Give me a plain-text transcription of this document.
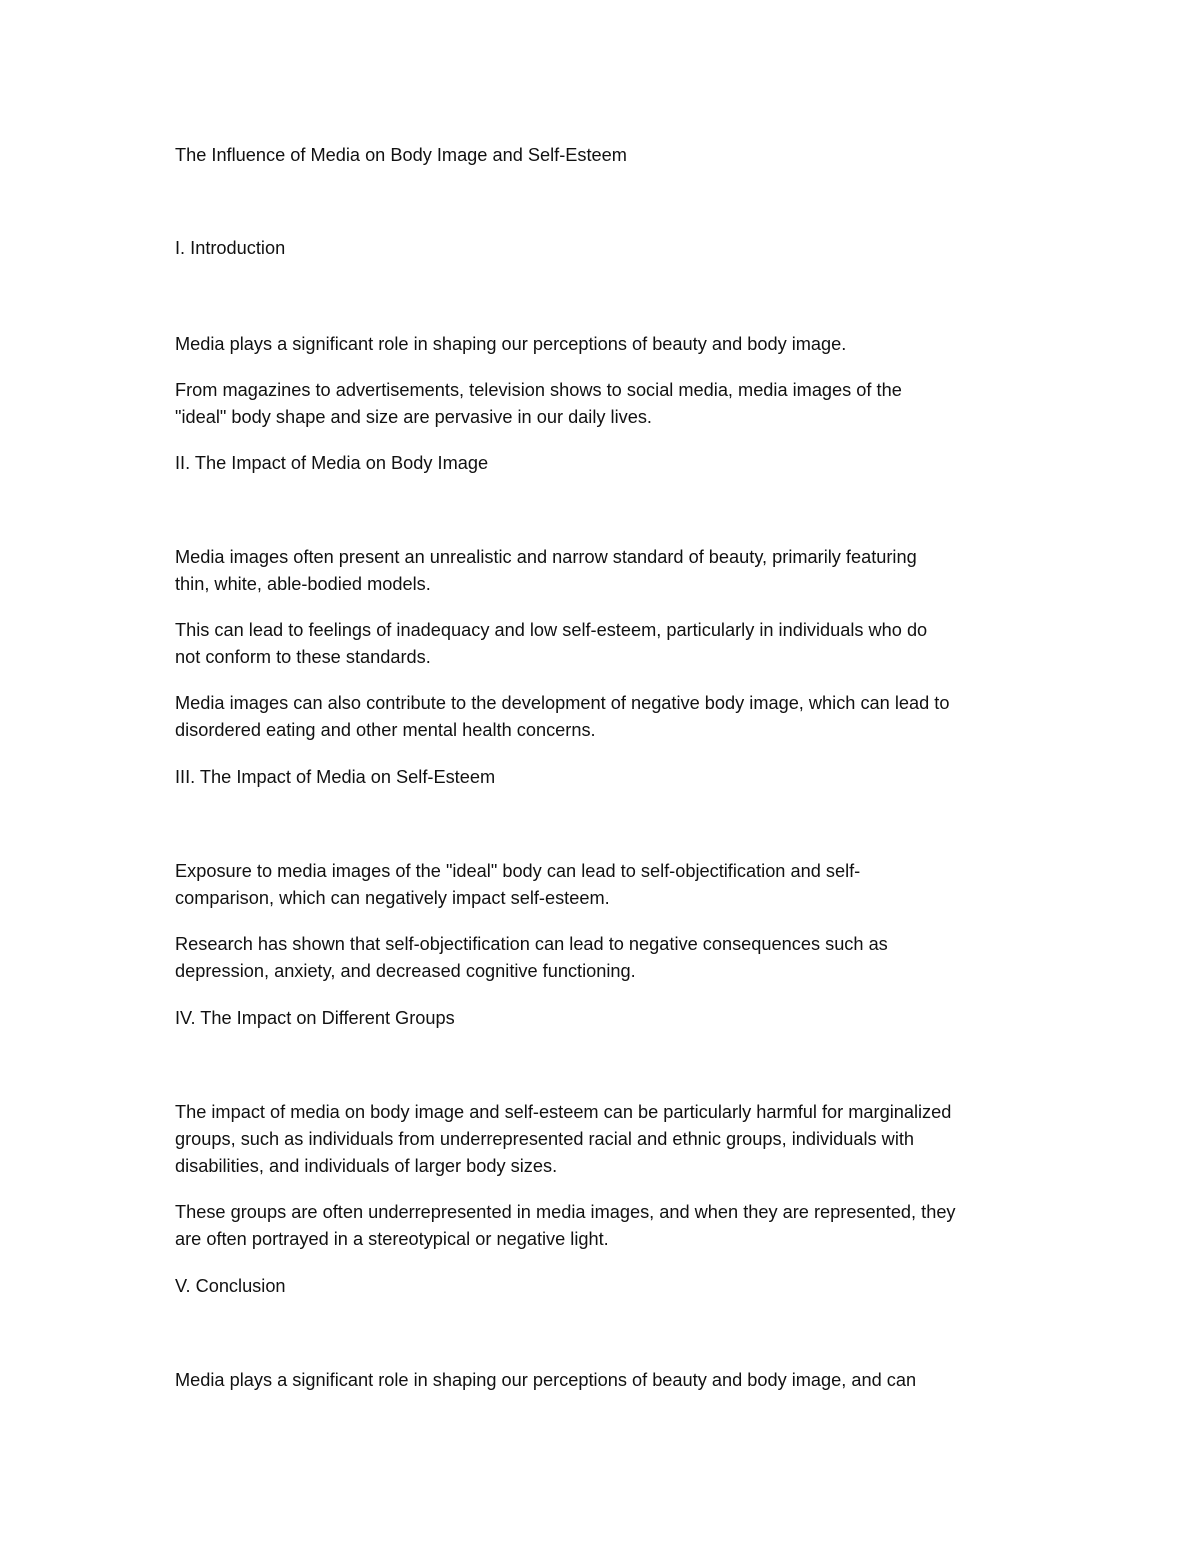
The Influence of Media on Body Image and Self-Esteem

I. Introduction

Media plays a significant role in shaping our perceptions of beauty and body image.

From magazines to advertisements, television shows to social media, media images of the

"ideal" body shape and size are pervasive in our daily lives.

II. The Impact of Media on Body Image

Media images often present an unrealistic and narrow standard of beauty, primarily featuring

thin, white, able-bodied models.

This can lead to feelings of inadequacy and low self-esteem, particularly in individuals who do

not conform to these standards.

Media images can also contribute to the development of negative body image, which can lead to

disordered eating and other mental health concerns.

III. The Impact of Media on Self-Esteem

Exposure to media images of the "ideal" body can lead to self-objectification and self-

comparison, which can negatively impact self-esteem.

Research has shown that self-objectification can lead to negative consequences such as

depression, anxiety, and decreased cognitive functioning.

IV. The Impact on Different Groups

The impact of media on body image and self-esteem can be particularly harmful for marginalized

groups, such as individuals from underrepresented racial and ethnic groups, individuals with

disabilities, and individuals of larger body sizes.

These groups are often underrepresented in media images, and when they are represented, they

are often portrayed in a stereotypical or negative light.

V. Conclusion

Media plays a significant role in shaping our perceptions of beauty and body image, and can
